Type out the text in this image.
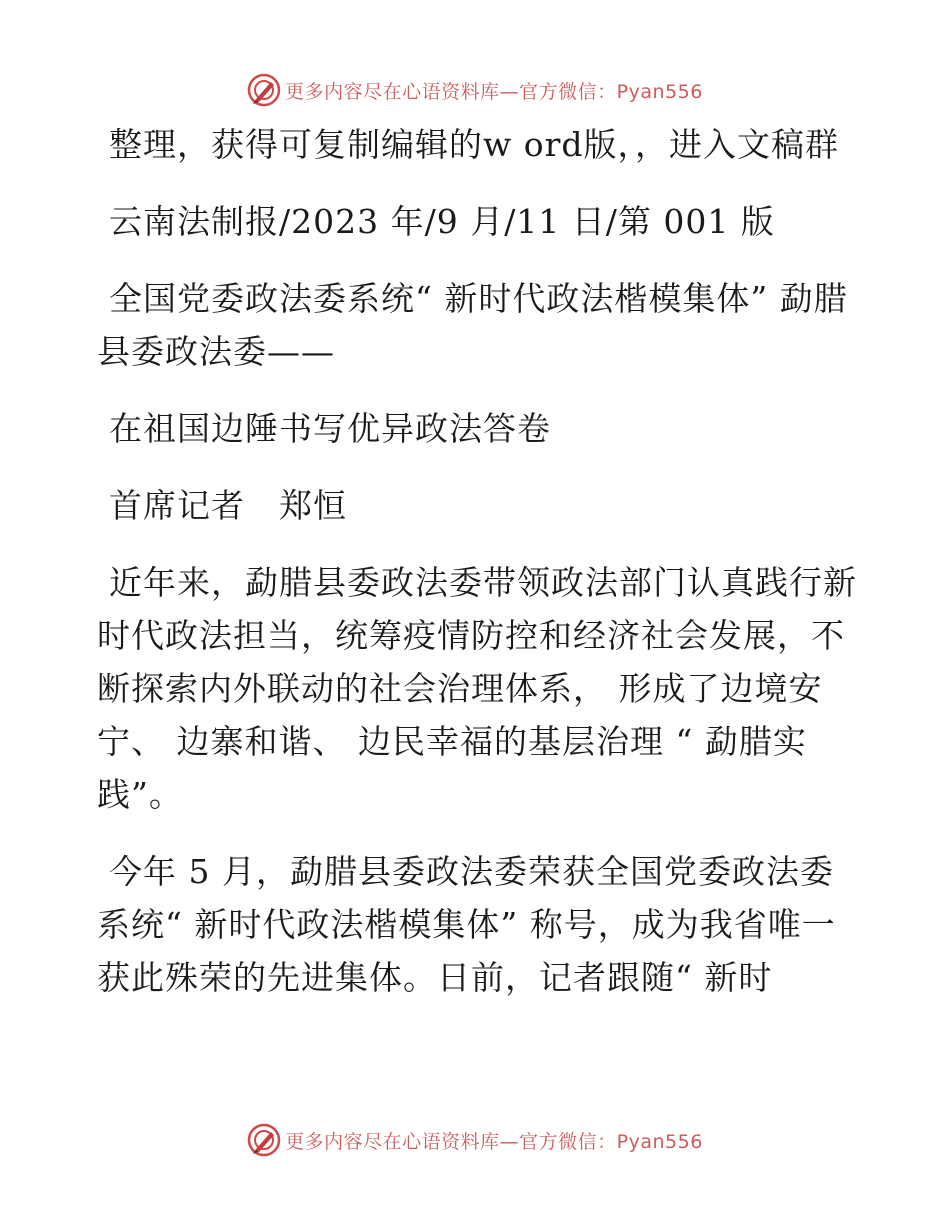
更多内容尽在心语资料库—官方微信：Pyan556

整理，获得可复制编辑的w ord版，，进入文稿群

云南法制报/2023 年/9 月/11 日/第 001 版

全国党委政法委系统“ 新时代政法楷模集体” 勐腊县委政法委——

在祖国边陲书写优异政法答卷

首席记者　郑恒

近年来，勐腊县委政法委带领政法部门认真践行新时代政法担当，统筹疫情防控和经济社会发展，不断探索内外联动的社会治理体系， 形成了边境安宁、 边寨和谐、 边民幸福的基层治理 “ 勐腊实践”。

今年 5 月，勐腊县委政法委荣获全国党委政法委系统“ 新时代政法楷模集体” 称号，成为我省唯一获此殊荣的先进集体。日前，记者跟随“ 新时

更多内容尽在心语资料库—官方微信：Pyan556
